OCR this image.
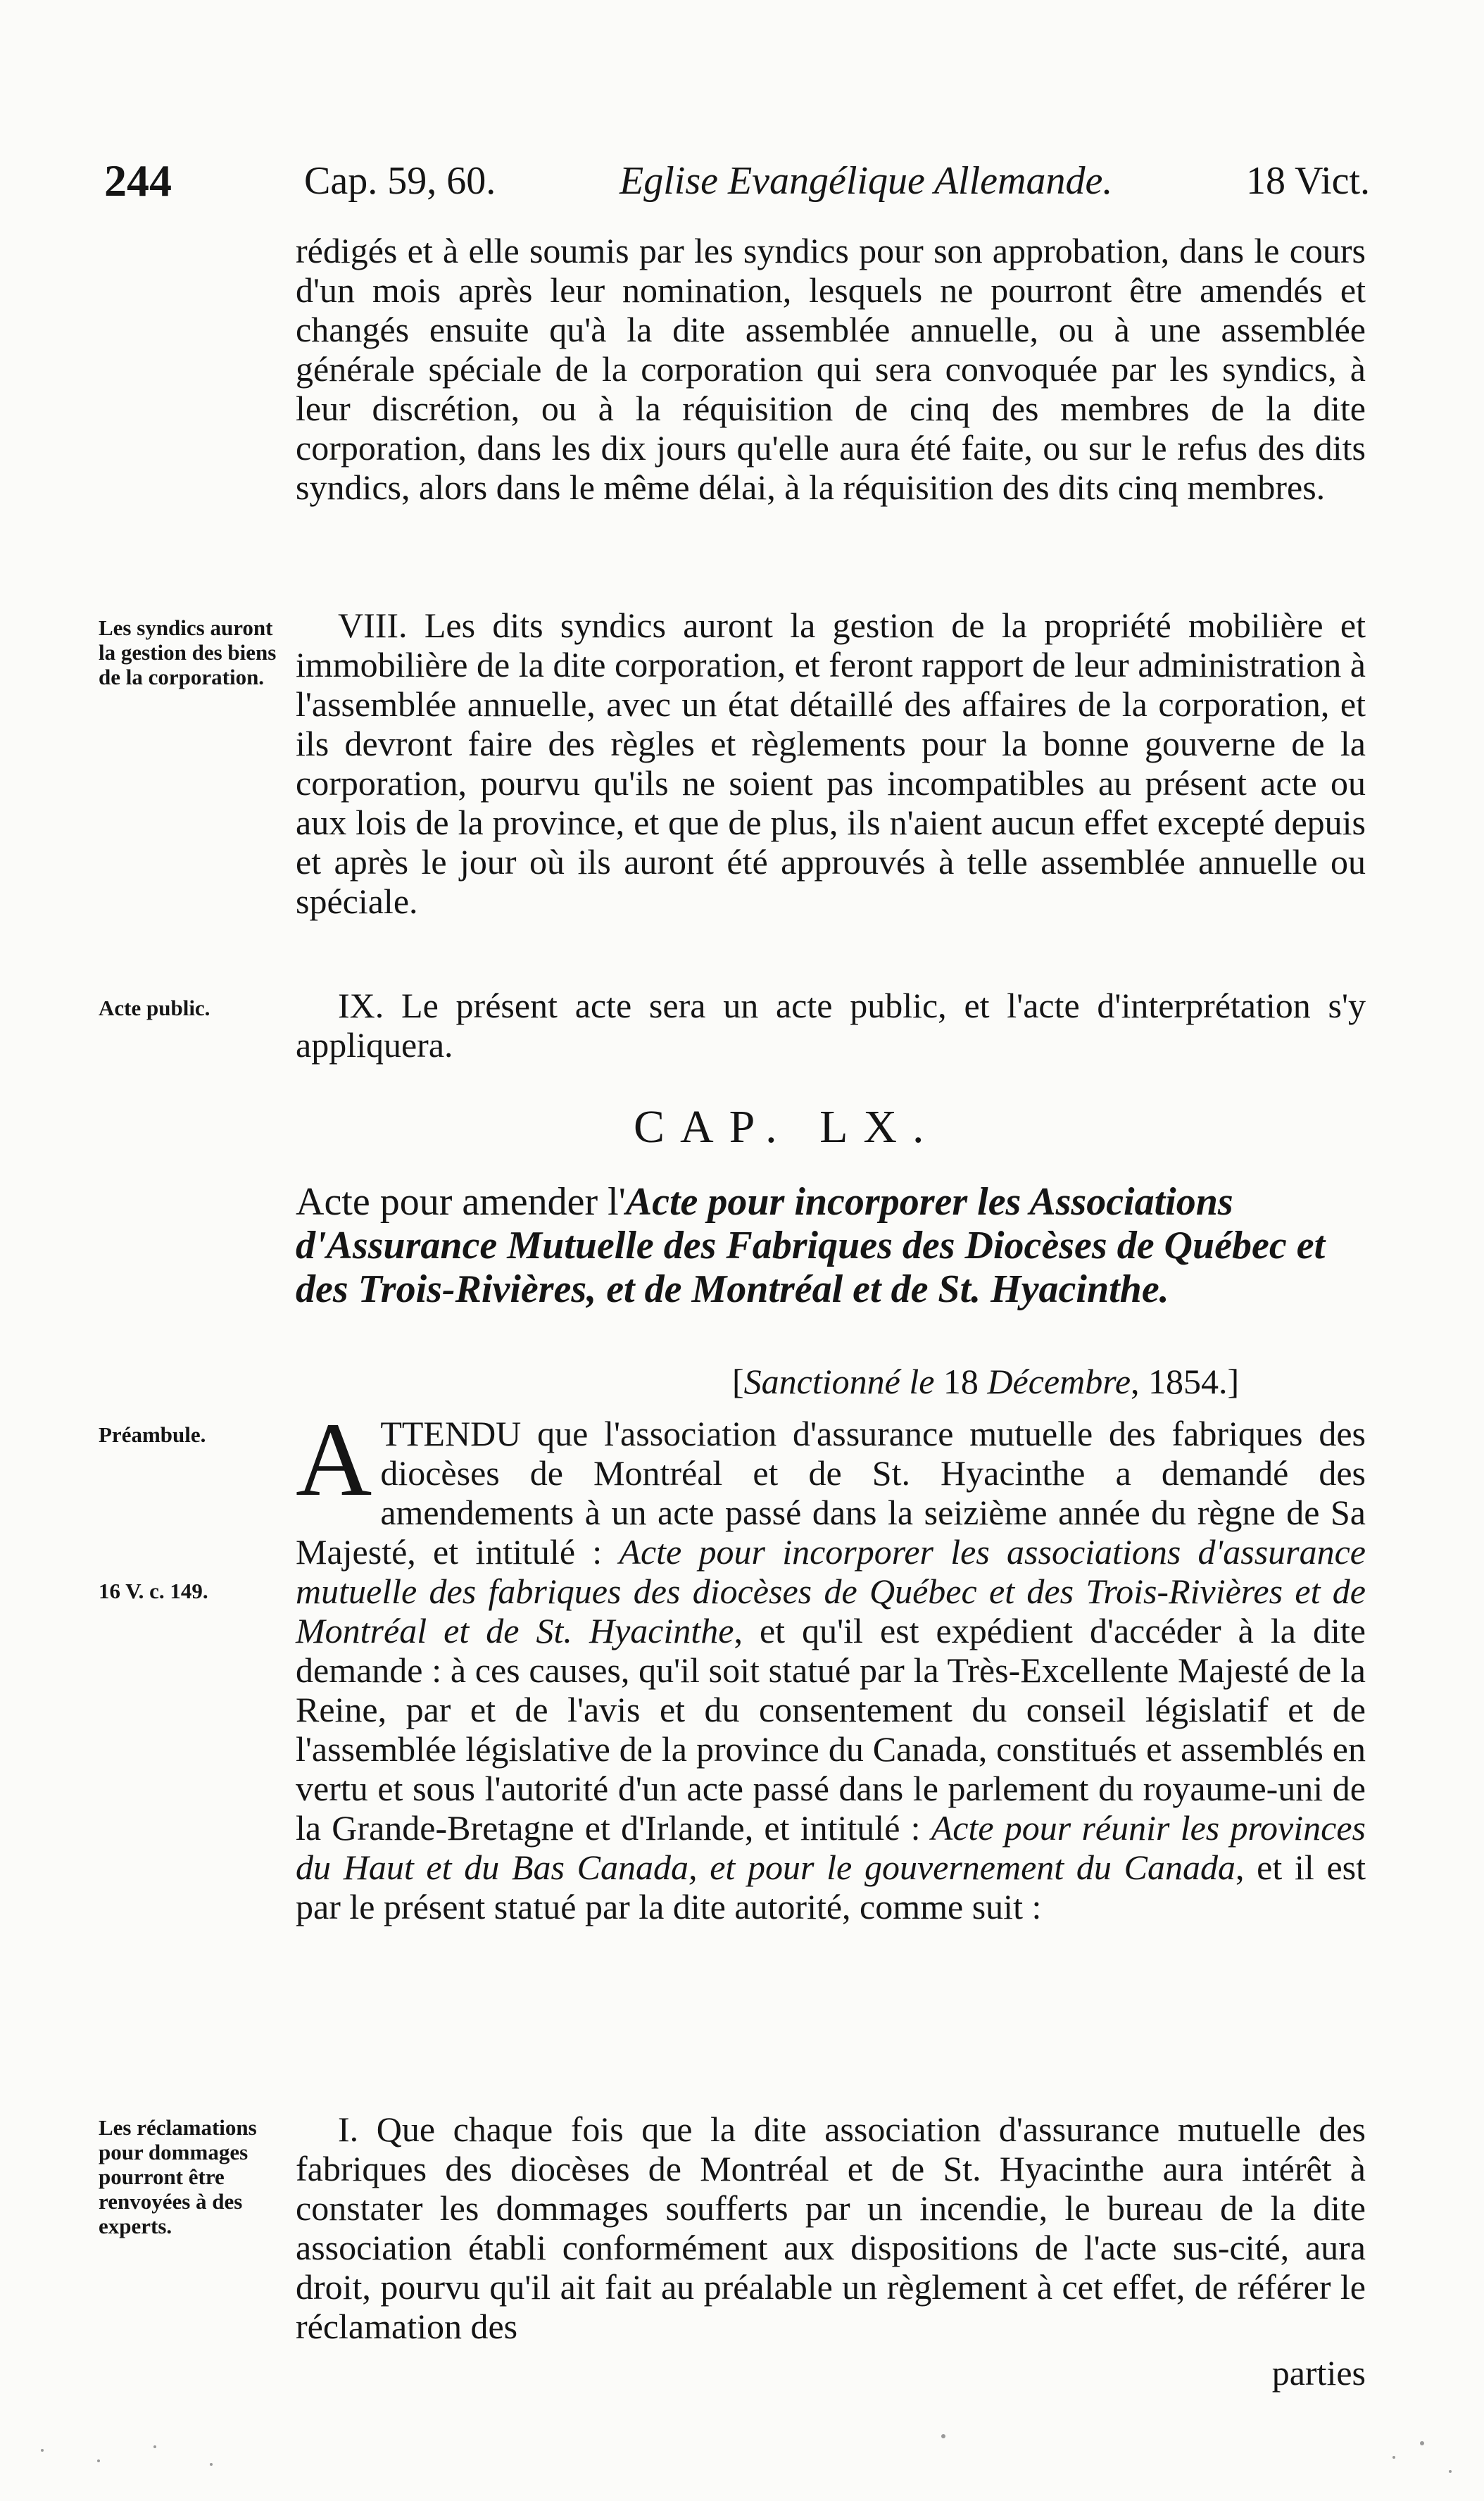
244	Cap. 59, 60.	Eglise Evangélique Allemande.	18 Vict.

rédigés et à elle soumis par les syndics pour son approbation, dans le cours d'un mois après leur nomination, lesquels ne pourront être amendés et changés ensuite qu'à la dite assemblée annuelle, ou à une assemblée générale spéciale de la corporation qui sera convoquée par les syndics, à leur discrétion, ou à la réquisition de cinq des membres de la dite corporation, dans les dix jours qu'elle aura été faite, ou sur le refus des dits syndics, alors dans le même délai, à la réquisition des dits cinq membres.

Les syndics auront la gestion des biens de la corporation.

VIII. Les dits syndics auront la gestion de la propriété mobilière et immobilière de la dite corporation, et feront rapport de leur administration à l'assemblée annuelle, avec un état détaillé des affaires de la corporation, et ils devront faire des règles et règlements pour la bonne gouverne de la corporation, pourvu qu'ils ne soient pas incompatibles au présent acte ou aux lois de la province, et que de plus, ils n'aient aucun effet excepté depuis et après le jour où ils auront été approuvés à telle assemblée annuelle ou spéciale.

Acte public.	IX. Le présent acte sera un acte public, et l'acte d'interprétation s'y appliquera.

CAP. LX.
Acte pour amender l'Acte pour incorporer les Associations d'Assurance Mutuelle des Fabriques des Diocèses de Québec et des Trois-Rivières, et de Montréal et de St. Hyacinthe.
[Sanctionné le 18 Décembre, 1854.]
Préambule.
16 V. c. 149.

ATTENDU que l'association d'assurance mutuelle des fabriques des diocèses de Montréal et de St. Hyacinthe a demandé des amendements à un acte passé dans la seizième année du règne de Sa Majesté, et intitulé : Acte pour incorporer les associations d'assurance mutuelle des fabriques des diocèses de Québec et des Trois-Rivières et de Montréal et de St. Hyacinthe, et qu'il est expédient d'accéder à la dite demande : à ces causes, qu'il soit statué par la Très-Excellente Majesté de la Reine, par et de l'avis et du consentement du conseil législatif et de l'assemblée législative de la province du Canada, constitués et assemblés en vertu et sous l'autorité d'un acte passé dans le parlement du royaume-uni de la Grande-Bretagne et d'Irlande, et intitulé : Acte pour réunir les provinces du Haut et du Bas Canada, et pour le gouvernement du Canada, et il est par le présent statué par la dite autorité, comme suit :

Les réclamations pour dommages pourront être renvoyées à des experts.

I. Que chaque fois que la dite association d'assurance mutuelle des fabriques des diocèses de Montréal et de St. Hyacinthe aura intérêt à constater les dommages soufferts par un incendie, le bureau de la dite association établi conformément aux dispositions de l'acte sus-cité, aura droit, pourvu qu'il ait fait au préalable un règlement à cet effet, de référer le réclamation des

parties
